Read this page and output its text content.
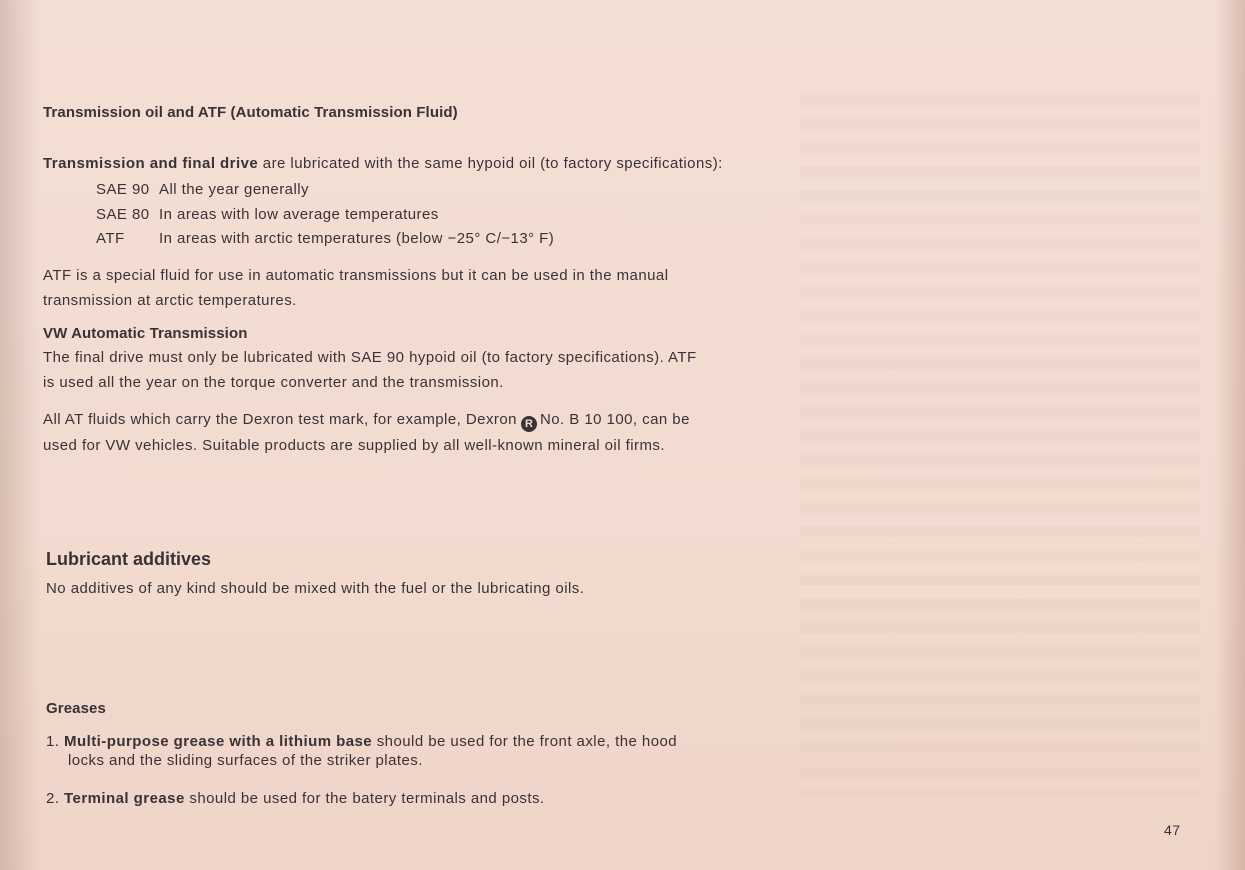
Transmission oil and ATF (Automatic Transmission Fluid)
Transmission and final drive are lubricated with the same hypoid oil (to factory specifications):
SAE 90 All the year generally
SAE 80 In areas with low average temperatures
ATF In areas with arctic temperatures (below −25° C/−13° F)
ATF is a special fluid for use in automatic transmissions but it can be used in the manual
transmission at arctic temperatures.
VW Automatic Transmission
The final drive must only be lubricated with SAE 90 hypoid oil (to factory specifications). ATF
is used all the year on the torque converter and the transmission.
All AT fluids which carry the Dexron test mark, for example, Dexron R No. B 10 100, can be
used for VW vehicles. Suitable products are supplied by all well-known mineral oil firms.
Lubricant additives
No additives of any kind should be mixed with the fuel or the lubricating oils.
Greases
1. Multi-purpose grease with a lithium base should be used for the front axle, the hood
locks and the sliding surfaces of the striker plates.
2. Terminal grease should be used for the batery terminals and posts.
47
